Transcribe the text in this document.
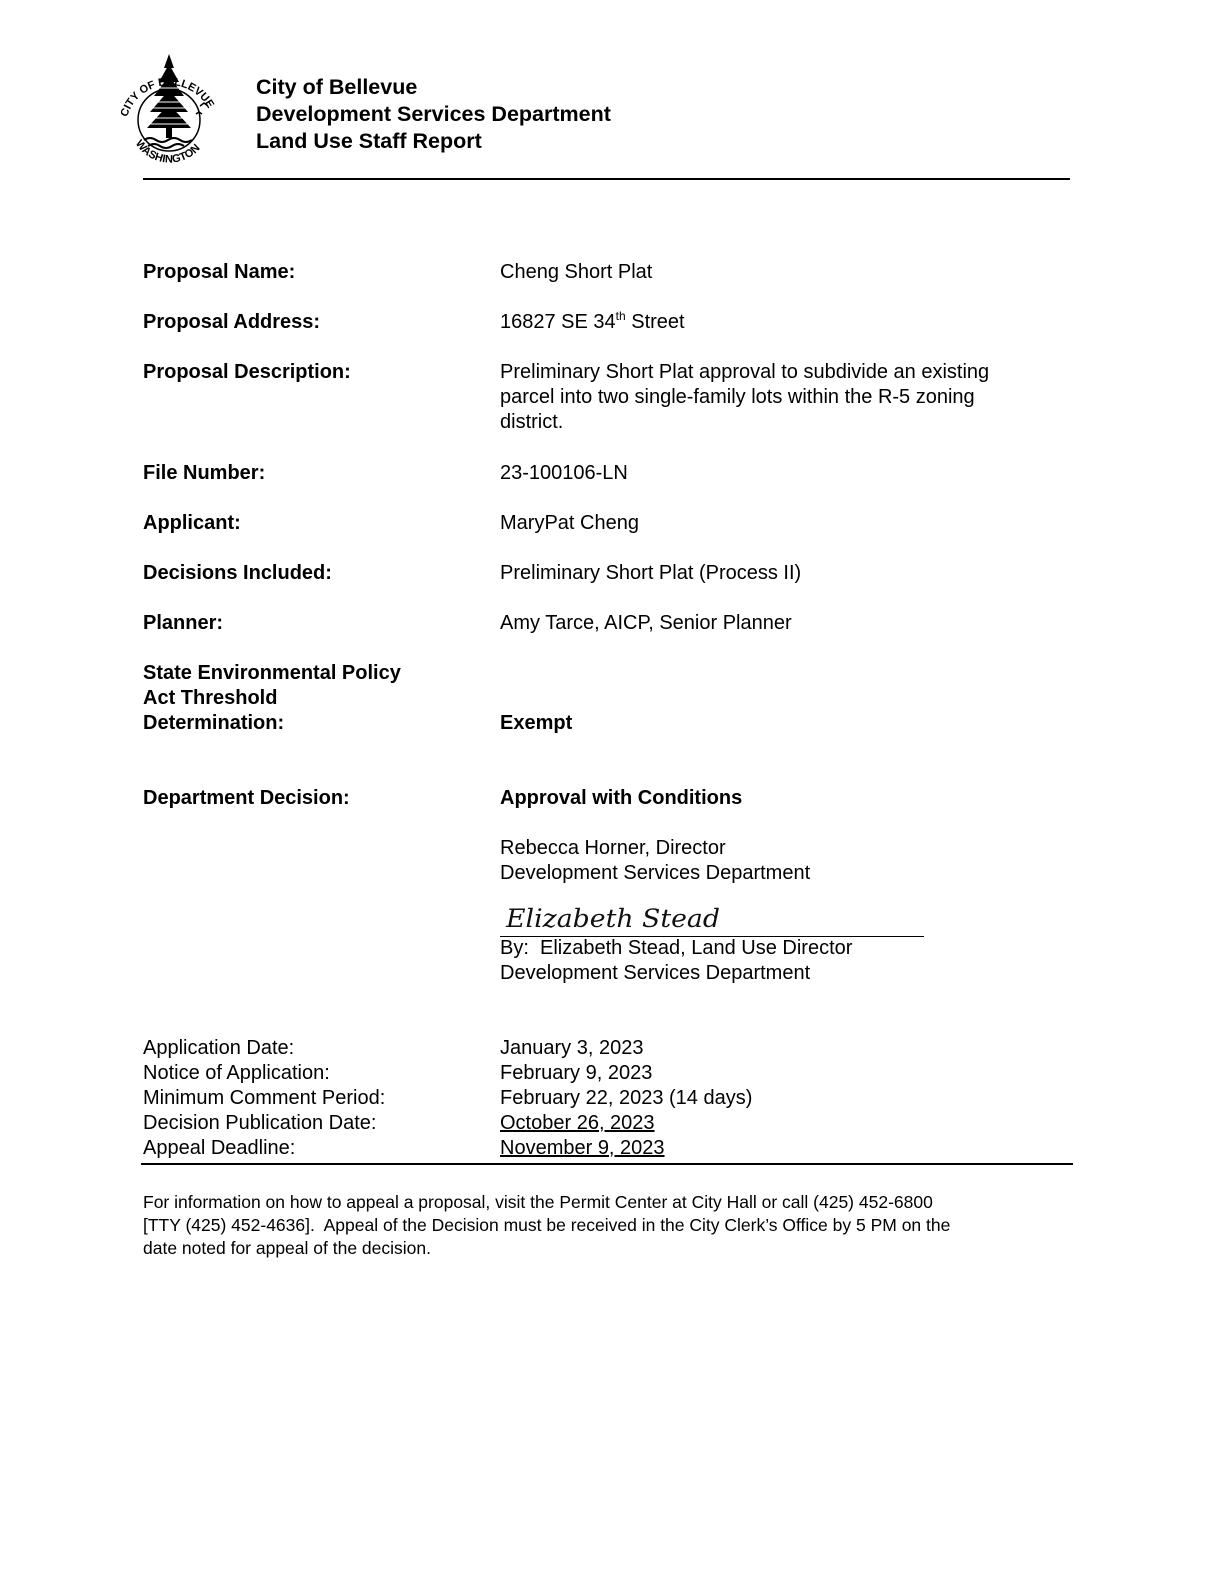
CITY OF BELLEVUE
WASHINGTON
City of Bellevue
Development Services Department
Land Use Staff Report
Proposal Name:	Cheng Short Plat
Proposal Address:	16827 SE 34th Street
Proposal Description:	Preliminary Short Plat approval to subdivide an existing
parcel into two single-family lots within the R-5 zoning
district.
File Number:	23-100106-LN
Applicant:	MaryPat Cheng
Decisions Included:	Preliminary Short Plat (Process II)
Planner:	Amy Tarce, AICP, Senior Planner
State Environmental Policy
Act Threshold
Determination:	Exempt
Department Decision:	Approval with Conditions
Rebecca Horner, Director
Development Services Department
Elizabeth Stead
By:  Elizabeth Stead, Land Use Director
Development Services Department
Application Date:	January 3, 2023
Notice of Application:	February 9, 2023
Minimum Comment Period:	February 22, 2023 (14 days)
Decision Publication Date:	October 26, 2023
Appeal Deadline:	November 9, 2023
For information on how to appeal a proposal, visit the Permit Center at City Hall or call (425) 452-6800
[TTY (425) 452-4636].  Appeal of the Decision must be received in the City Clerk’s Office by 5 PM on the
date noted for appeal of the decision.
